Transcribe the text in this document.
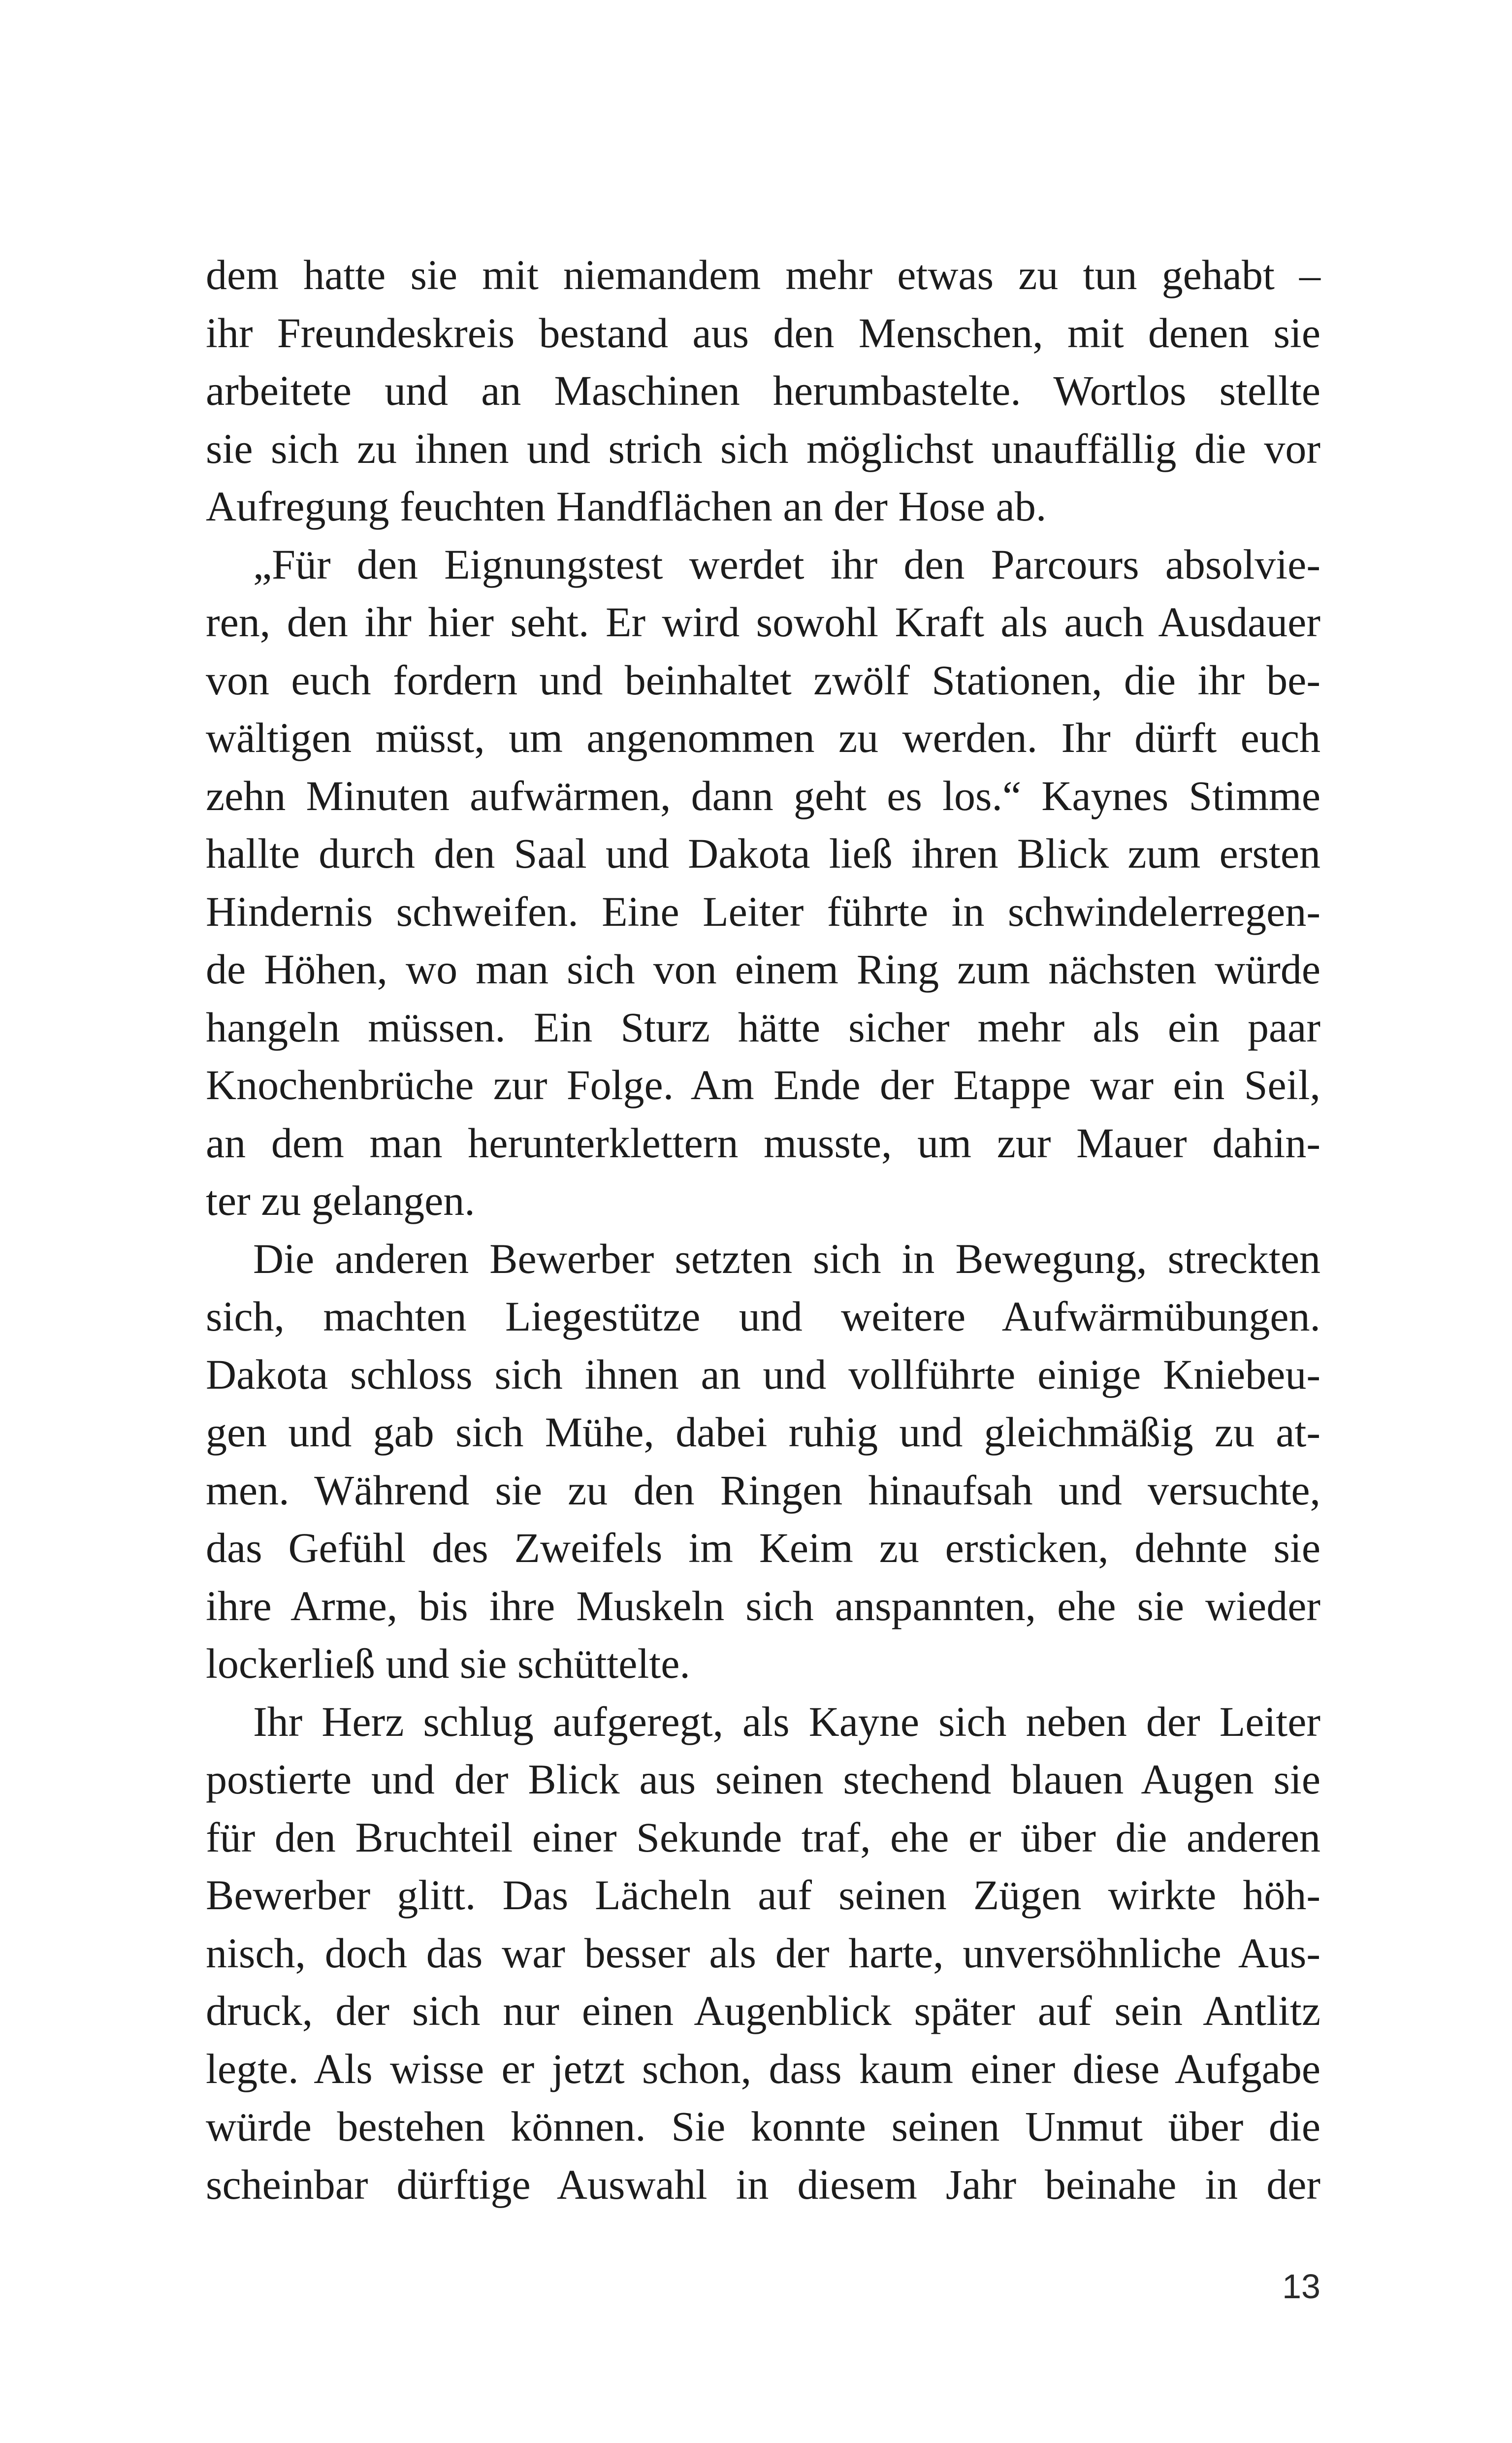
dem hatte sie mit niemandem mehr etwas zu tun gehabt –
ihr Freundeskreis bestand aus den Menschen, mit denen sie
arbeitete und an Maschinen herumbastelte. Wortlos stellte
sie sich zu ihnen und strich sich möglichst unauffällig die vor
Aufregung feuchten Handflächen an der Hose ab.
„Für den Eignungstest werdet ihr den Parcours absolvie-
ren, den ihr hier seht. Er wird sowohl Kraft als auch Ausdauer
von euch fordern und beinhaltet zwölf Stationen, die ihr be-
wältigen müsst, um angenommen zu werden. Ihr dürft euch
zehn Minuten aufwärmen, dann geht es los.“ Kaynes Stimme
hallte durch den Saal und Dakota ließ ihren Blick zum ersten
Hindernis schweifen. Eine Leiter führte in schwindelerregen-
de Höhen, wo man sich von einem Ring zum nächsten würde
hangeln müssen. Ein Sturz hätte sicher mehr als ein paar
Knochenbrüche zur Folge. Am Ende der Etappe war ein Seil,
an dem man herunterklettern musste, um zur Mauer dahin-
ter zu gelangen.
Die anderen Bewerber setzten sich in Bewegung, streckten
sich, machten Liegestütze und weitere Aufwärmübungen.
Dakota schloss sich ihnen an und vollführte einige Kniebeu-
gen und gab sich Mühe, dabei ruhig und gleichmäßig zu at-
men. Während sie zu den Ringen hinaufsah und versuchte,
das Gefühl des Zweifels im Keim zu ersticken, dehnte sie
ihre Arme, bis ihre Muskeln sich anspannten, ehe sie wieder
lockerließ und sie schüttelte.
Ihr Herz schlug aufgeregt, als Kayne sich neben der Leiter
postierte und der Blick aus seinen stechend blauen Augen sie
für den Bruchteil einer Sekunde traf, ehe er über die anderen
Bewerber glitt. Das Lächeln auf seinen Zügen wirkte höh-
nisch, doch das war besser als der harte, unversöhnliche Aus-
druck, der sich nur einen Augenblick später auf sein Antlitz
legte. Als wisse er jetzt schon, dass kaum einer diese Aufgabe
würde bestehen können. Sie konnte seinen Unmut über die
scheinbar dürftige Auswahl in diesem Jahr beinahe in der
13
